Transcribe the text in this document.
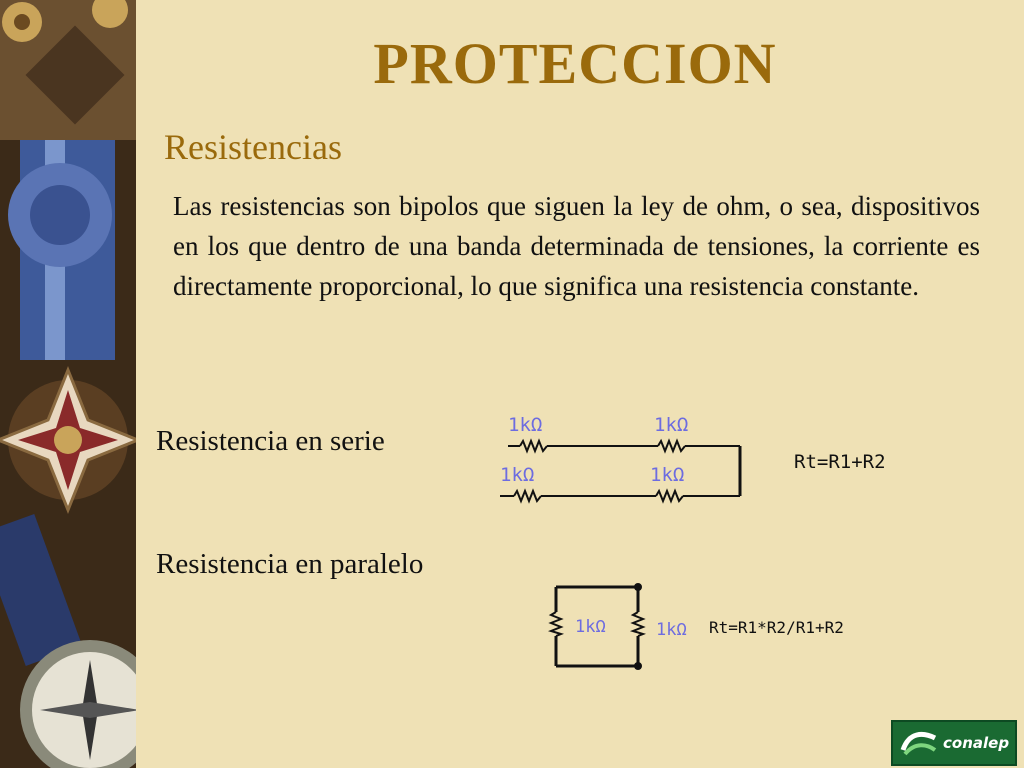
PROTECCION
Resistencias

Las resistencias son bipolos que siguen la ley de ohm, o sea, dispositivos en los que dentro de una banda determinada de tensiones, la corriente es directamente proporcional, lo que significa una resistencia constante.

Resistencia en serie
Resistencia en paralelo
1kΩ	1kΩ
1kΩ	1kΩ
Rt=R1+R2
1kΩ	1kΩ Rt=R1*R2/R1+R2
conalep
